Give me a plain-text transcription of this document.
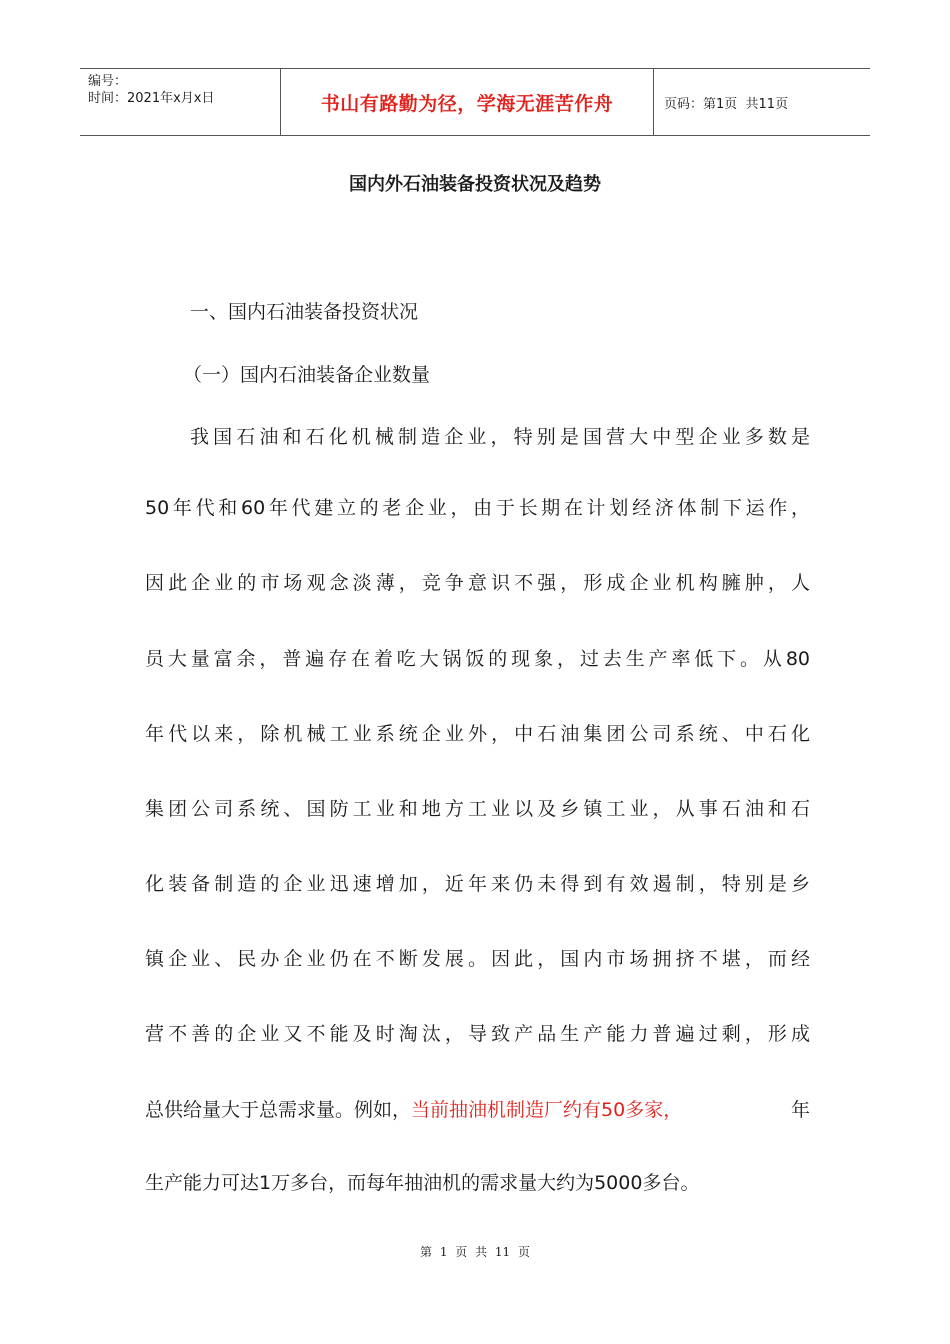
编号：
时间：2021年x月x日	书山有路勤为径，学海无涯苦作舟	页码：第1页  共11页
国内外石油装备投资状况及趋势
一、国内石油装备投资状况
（一）国内石油装备企业数量
我国石油和石化机械制造企业，特别是国营大中型企业多数是
50年代和60年代建立的老企业，由于长期在计划经济体制下运作，
因此企业的市场观念淡薄，竞争意识不强，形成企业机构臃肿，人
员大量富余，普遍存在着吃大锅饭的现象，过去生产率低下。从80
年代以来，除机械工业系统企业外，中石油集团公司系统、中石化
集团公司系统、国防工业和地方工业以及乡镇工业，从事石油和石
化装备制造的企业迅速增加，近年来仍未得到有效遏制，特别是乡
镇企业、民办企业仍在不断发展。因此，国内市场拥挤不堪，而经
营不善的企业又不能及时淘汰，导致产品生产能力普遍过剩，形成
总供给量大于总需求量。例如， 当前抽油机制造厂约有50多家，	年
生产能力可达1万多台，而每年抽油机的需求量大约为5000多台。
第 1 页 共 11 页
